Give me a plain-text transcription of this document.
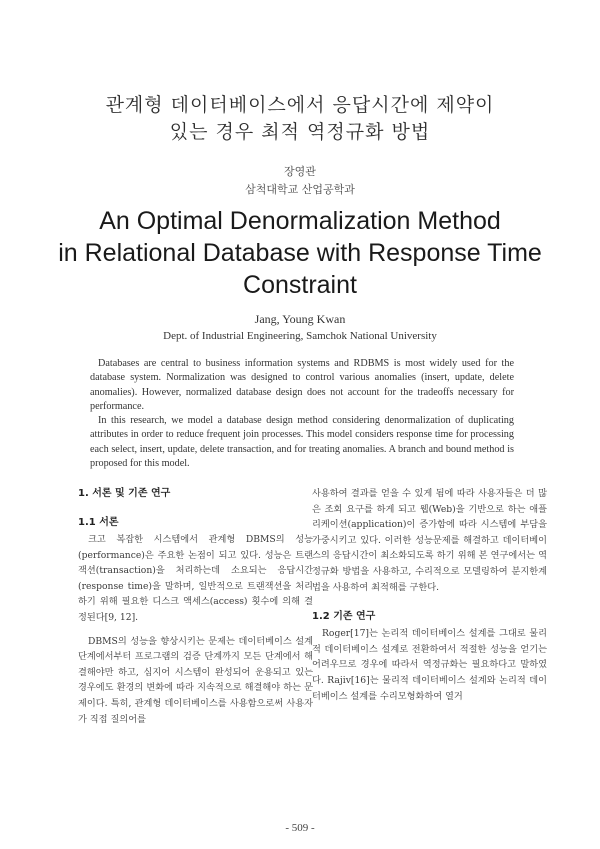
관계형 데이터베이스에서 응답시간에 제약이
있는 경우 최적 역정규화 방법
장영관
삼척대학교 산업공학과
An Optimal Denormalization Method
in Relational Database with Response Time
Constraint
Jang, Young Kwan
Dept. of Industrial Engineering, Samchok National University

Databases are central to business information systems and RDBMS is most widely used for the database system. Normalization was designed to control various anomalies (insert, update, delete anomalies). However, normalized database design does not account for the tradeoffs necessary for performance.

In this research, we model a database design method considering denormalization of duplicating attributes in order to reduce frequent join processes. This model considers response time for processing each select, insert, update, delete transaction, and for treating anomalies. A branch and bound method is proposed for this model.

1. 서론 및 기존 연구
1.1 서론

크고 복잡한 시스템에서 관계형 DBMS의 성능(performance)은 주요한 논점이 되고 있다. 성능은 트랜잭션(transaction)을 처리하는데 소요되는 응답시간(response time)을 말하며, 일반적으로 트랜잭션을 처리하기 위해 필요한 디스크 액세스(access) 횟수에 의해 결정된다[9, 12].

DBMS의 성능을 향상시키는 문제는 데이터베이스 설계 단계에서부터 프로그램의 검증 단계까지 모든 단계에서 해결해야만 하고, 심지어 시스템이 완성되어 운용되고 있는 경우에도 환경의 변화에 따라 지속적으로 해결해야 하는 문제이다. 특히, 관계형 데이터베이스를 사용함으로써 사용자가 직접 질의어를

사용하여 결과를 얻을 수 있게 됨에 따라 사용자들은 더 많은 조회 요구를 하게 되고 웹(Web)을 기반으로 하는 애플리케이션(application)이 증가함에 따라 시스템에 부담을 가중시키고 있다. 이러한 성능문제를 해결하고 데이터베이스의 응답시간이 최소화되도록 하기 위해 본 연구에서는 역정규화 방법을 사용하고, 수리적으로 모델링하여 분지한계법을 사용하여 최적해를 구한다.

1.2 기존 연구

Roger[17]는 논리적 데이터베이스 설계를 그대로 물리적 데이터베이스 설계로 전환하여서 적절한 성능을 얻기는 어려우므로 경우에 따라서 역정규화는 필요하다고 말하였다. Rajiv[16]는 물리적 데이터베이스 설계와 논리적 데이터베이스 설계를 수리모형화하여 열거

- 509 -
